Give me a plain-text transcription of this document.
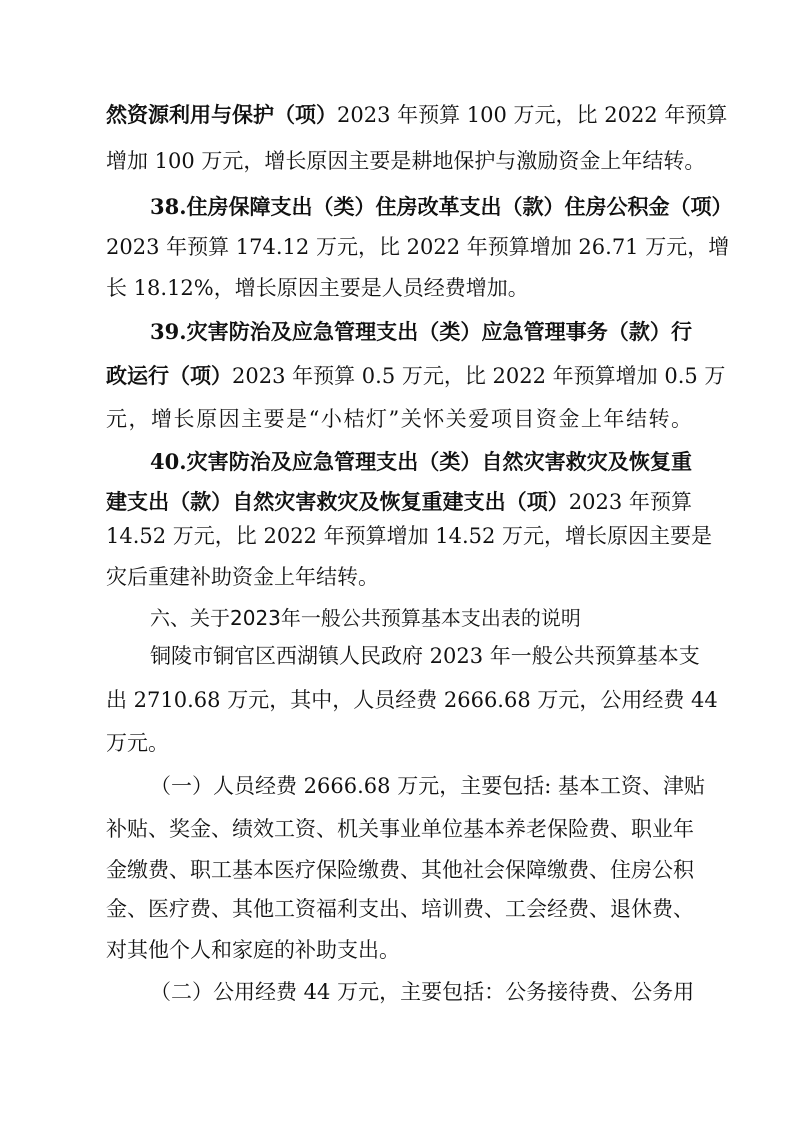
然资源利用与保护（项）2023 年预算 100 万元，比 2022 年预算
增加 100 万元，增长原因主要是耕地保护与激励资金上年结转。
38.住房保障支出（类）住房改革支出（款）住房公积金（项）
2023 年预算 174.12 万元，比 2022 年预算增加 26.71 万元，增
长 18.12%，增长原因主要是人员经费增加。
39.灾害防治及应急管理支出（类）应急管理事务（款）行
政运行（项）2023 年预算 0.5 万元，比 2022 年预算增加 0.5 万
元，增长原因主要是“小桔灯”关怀关爱项目资金上年结转。
40.灾害防治及应急管理支出（类）自然灾害救灾及恢复重
建支出（款）自然灾害救灾及恢复重建支出（项）2023 年预算
14.52 万元，比 2022 年预算增加 14.52 万元，增长原因主要是
灾后重建补助资金上年结转。
六、关于2023年一般公共预算基本支出表的说明
铜陵市铜官区西湖镇人民政府 2023 年一般公共预算基本支
出 2710.68 万元，其中，人员经费 2666.68 万元，公用经费 44
万元。
（一）人员经费 2666.68 万元，主要包括: 基本工资、津贴
补贴、奖金、绩效工资、机关事业单位基本养老保险费、职业年
金缴费、职工基本医疗保险缴费、其他社会保障缴费、住房公积
金、医疗费、其他工资福利支出、培训费、工会经费、退休费、
对其他个人和家庭的补助支出。
（二）公用经费 44 万元，主要包括：公务接待费、公务用
